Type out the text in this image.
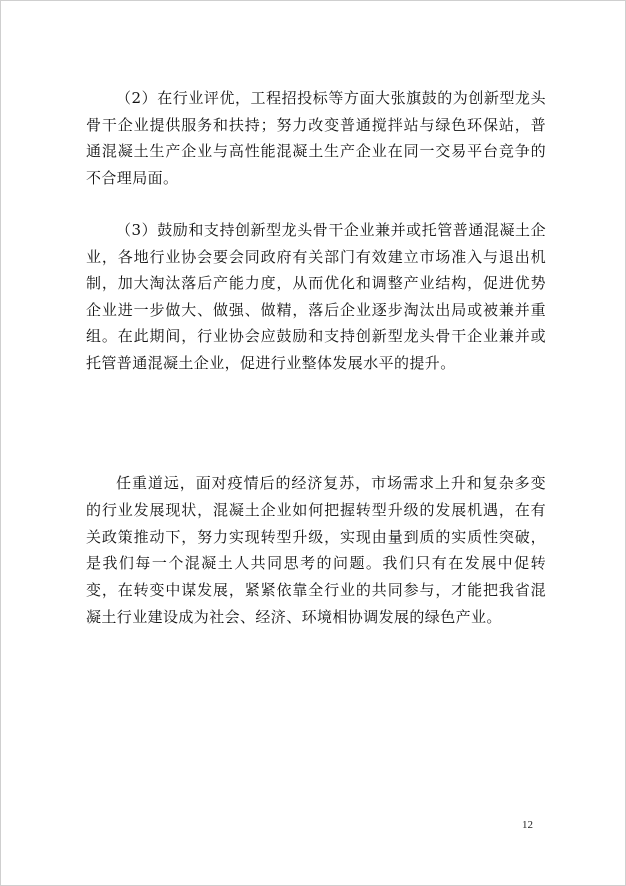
（2）在行业评优，工程招投标等方面大张旗鼓的为创新型龙头骨干企业提供服务和扶持；努力改变普通搅拌站与绿色环保站，普通混凝土生产企业与高性能混凝土生产企业在同一交易平台竞争的不合理局面。

（3）鼓励和支持创新型龙头骨干企业兼并或托管普通混凝土企业，各地行业协会要会同政府有关部门有效建立市场准入与退出机制，加大淘汰落后产能力度，从而优化和调整产业结构，促进优势企业进一步做大、做强、做精，落后企业逐步淘汰出局或被兼并重组。在此期间，行业协会应鼓励和支持创新型龙头骨干企业兼并或托管普通混凝土企业，促进行业整体发展水平的提升。

任重道远，面对疫情后的经济复苏，市场需求上升和复杂多变的行业发展现状，混凝土企业如何把握转型升级的发展机遇，在有关政策推动下，努力实现转型升级，实现由量到质的实质性突破，是我们每一个混凝土人共同思考的问题。我们只有在发展中促转变，在转变中谋发展，紧紧依靠全行业的共同参与，才能把我省混凝土行业建设成为社会、经济、环境相协调发展的绿色产业。

12
